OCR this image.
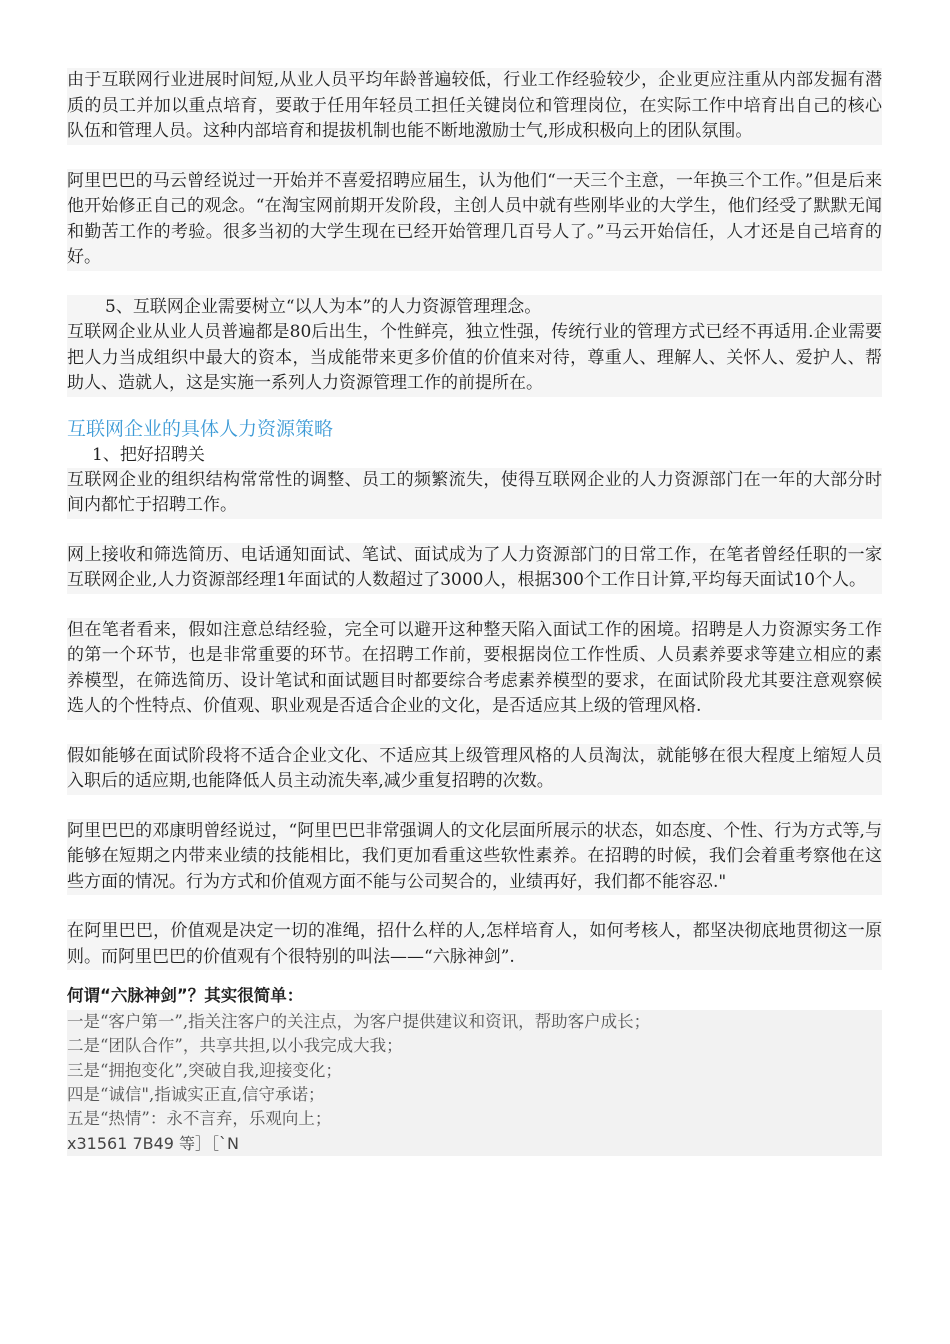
由于互联网行业进展时间短,从业人员平均年龄普遍较低，行业工作经验较少，企业更应注重从内部发掘有潜质的员工并加以重点培育，要敢于任用年轻员工担任关键岗位和管理岗位，在实际工作中培育出自己的核心队伍和管理人员。这种内部培育和提拔机制也能不断地激励士气,形成积极向上的团队氛围。

阿里巴巴的马云曾经说过一开始并不喜爱招聘应届生，认为他们“一天三个主意，一年换三个工作。”但是后来他开始修正自己的观念。“在淘宝网前期开发阶段，主创人员中就有些刚毕业的大学生，他们经受了默默无闻和勤苦工作的考验。很多当初的大学生现在已经开始管理几百号人了。”马云开始信任，人才还是自己培育的好。

5、互联网企业需要树立“以人为本”的人力资源管理理念。

互联网企业从业人员普遍都是80后出生，个性鲜亮，独立性强，传统行业的管理方式已经不再适用.企业需要把人力当成组织中最大的资本，当成能带来更多价值的价值来对待，尊重人、理解人、关怀人、爱护人、帮助人、造就人，这是实施一系列人力资源管理工作的前提所在。

互联网企业的具体人力资源策略

1、把好招聘关

互联网企业的组织结构常常性的调整、员工的频繁流失，使得互联网企业的人力资源部门在一年的大部分时间内都忙于招聘工作。

网上接收和筛选简历、电话通知面试、笔试、面试成为了人力资源部门的日常工作，在笔者曾经任职的一家互联网企业,人力资源部经理1年面试的人数超过了3000人，根据300个工作日计算,平均每天面试10个人。

但在笔者看来，假如注意总结经验，完全可以避开这种整天陷入面试工作的困境。招聘是人力资源实务工作的第一个环节，也是非常重要的环节。在招聘工作前，要根据岗位工作性质、人员素养要求等建立相应的素养模型，在筛选简历、设计笔试和面试题目时都要综合考虑素养模型的要求，在面试阶段尤其要注意观察候选人的个性特点、价值观、职业观是否适合企业的文化，是否适应其上级的管理风格.

假如能够在面试阶段将不适合企业文化、不适应其上级管理风格的人员淘汰，就能够在很大程度上缩短人员入职后的适应期,也能降低人员主动流失率,减少重复招聘的次数。

阿里巴巴的邓康明曾经说过，“阿里巴巴非常强调人的文化层面所展示的状态，如态度、个性、行为方式等,与能够在短期之内带来业绩的技能相比，我们更加看重这些软性素养。在招聘的时候，我们会着重考察他在这些方面的情况。行为方式和价值观方面不能与公司契合的，业绩再好，我们都不能容忍."

在阿里巴巴，价值观是决定一切的准绳，招什么样的人,怎样培育人，如何考核人，都坚决彻底地贯彻这一原则。而阿里巴巴的价值观有个很特别的叫法——“六脉神剑”.

何谓“六脉神剑”？其实很简单：

一是“客户第一”,指关注客户的关注点，为客户提供建议和资讯，帮助客户成长；

二是“团队合作”，共享共担,以小我完成大我；

三是“拥抱变化”,突破自我,迎接变化；

四是“诚信",指诚实正直,信守承诺；

五是“热情”：永不言弃，乐观向上；

x31561 7B49 等］［`N
